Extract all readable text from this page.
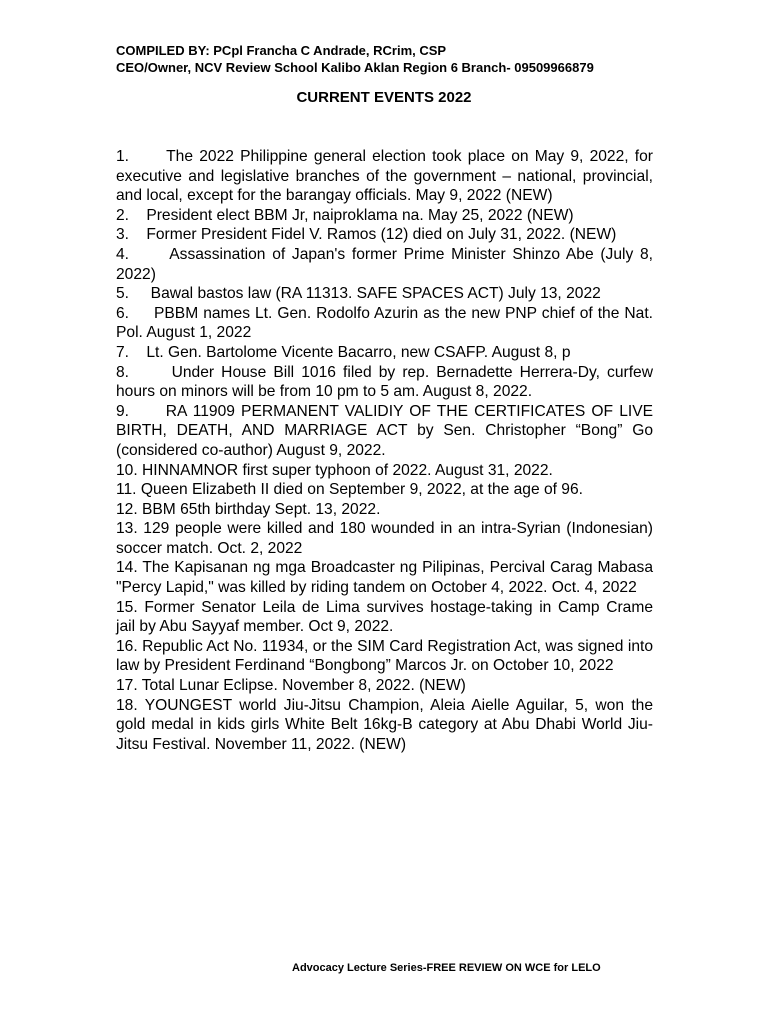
COMPILED BY: PCpl Francha C Andrade, RCrim, CSP
CEO/Owner, NCV Review School Kalibo Aklan Region 6 Branch- 09509966879
CURRENT EVENTS 2022
1.      The 2022 Philippine general election took place on May 9, 2022, for executive and legislative branches of the government – national, provincial, and local, except for the barangay officials. May 9, 2022 (NEW)
2.    President elect BBM Jr, naiproklama na. May 25, 2022 (NEW)
3.    Former President Fidel V. Ramos (12) died on July 31, 2022. (NEW)
4.      Assassination of Japan's former Prime Minister Shinzo Abe (July 8, 2022)
5.     Bawal bastos law (RA 11313. SAFE SPACES ACT) July 13, 2022
6.     PBBM names Lt. Gen. Rodolfo Azurin as the new PNP chief of the Nat. Pol. August 1, 2022
7.    Lt. Gen. Bartolome Vicente Bacarro, new CSAFP. August 8, p
8.      Under House Bill 1016 filed by rep. Bernadette Herrera-Dy, curfew hours on minors will be from 10 pm to 5 am. August 8, 2022.
9.      RA 11909 PERMANENT VALIDIY OF THE CERTIFICATES OF LIVE BIRTH, DEATH, AND MARRIAGE ACT by Sen. Christopher “Bong” Go (considered co-author) August 9, 2022.
10. HINNAMNOR first super typhoon of 2022. August 31, 2022.
11. Queen Elizabeth II died on September 9, 2022, at the age of 96.
12. BBM 65th birthday Sept. 13, 2022.
13. 129 people were killed and 180 wounded in an intra-Syrian (Indonesian) soccer match. Oct. 2, 2022
14. The Kapisanan ng mga Broadcaster ng Pilipinas, Percival Carag Mabasa "Percy Lapid," was killed by riding tandem on October 4, 2022. Oct. 4, 2022
15. Former Senator Leila de Lima survives hostage-taking in Camp Crame jail by Abu Sayyaf member. Oct 9, 2022.
16. Republic Act No. 11934, or the SIM Card Registration Act, was signed into law by President Ferdinand “Bongbong” Marcos Jr. on October 10, 2022
17. Total Lunar Eclipse. November 8, 2022. (NEW)
18. YOUNGEST world Jiu-Jitsu Champion, Aleia Aielle Aguilar, 5, won the gold medal in kids girls White Belt 16kg-B category at Abu Dhabi World Jiu-Jitsu Festival. November 11, 2022. (NEW)
Advocacy Lecture Series-FREE REVIEW ON WCE for LELO
